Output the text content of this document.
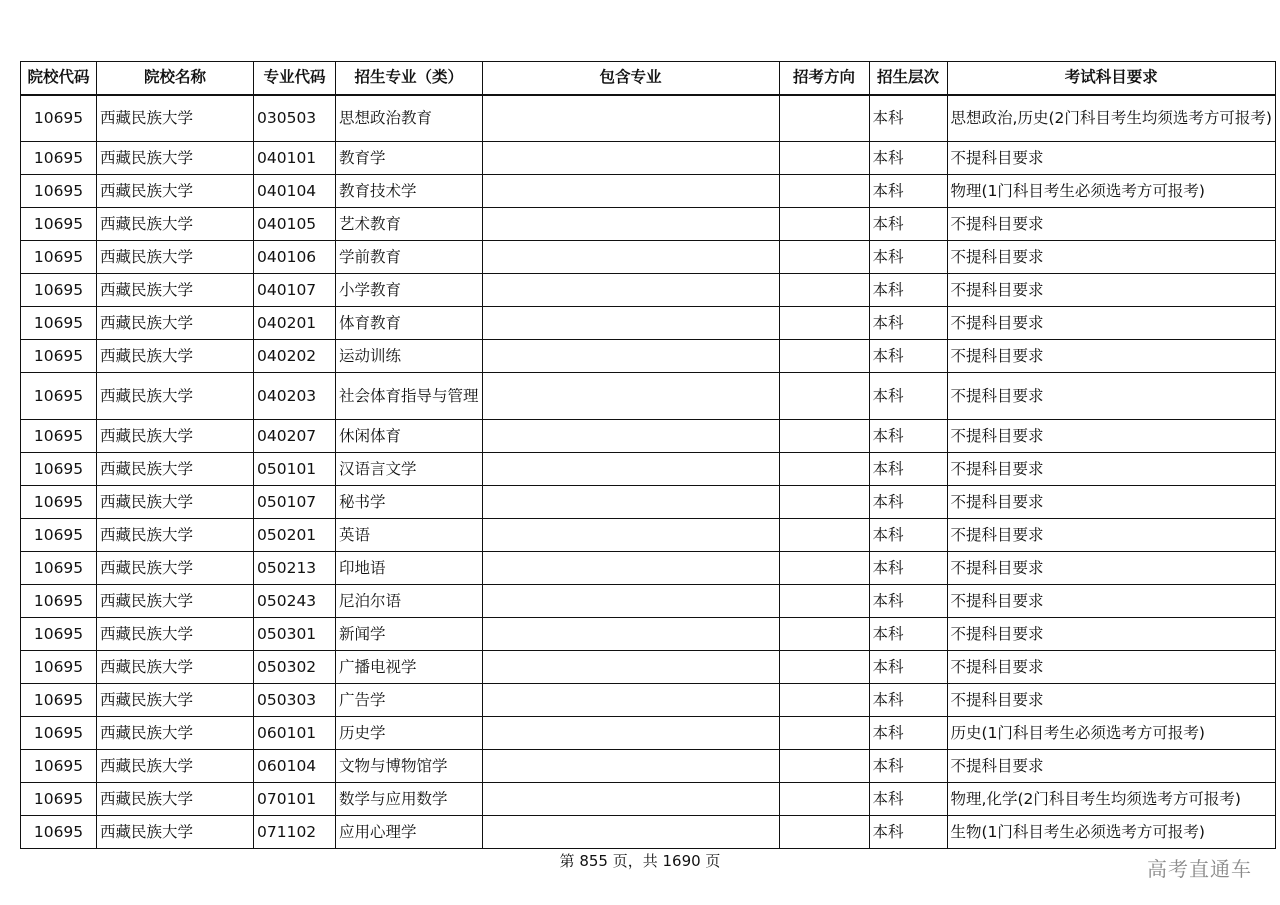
院校代码	院校名称	专业代码	招生专业（类）	包含专业	招考方向	招生层次	考试科目要求
10695	西藏民族大学	030503	思想政治教育			本科	思想政治,历史(2门科目考生均须选考方可报考)
10695	西藏民族大学	040101	教育学			本科	不提科目要求
10695	西藏民族大学	040104	教育技术学			本科	物理(1门科目考生必须选考方可报考)
10695	西藏民族大学	040105	艺术教育			本科	不提科目要求
10695	西藏民族大学	040106	学前教育			本科	不提科目要求
10695	西藏民族大学	040107	小学教育			本科	不提科目要求
10695	西藏民族大学	040201	体育教育			本科	不提科目要求
10695	西藏民族大学	040202	运动训练			本科	不提科目要求
10695	西藏民族大学	040203	社会体育指导与管理			本科	不提科目要求
10695	西藏民族大学	040207	休闲体育			本科	不提科目要求
10695	西藏民族大学	050101	汉语言文学			本科	不提科目要求
10695	西藏民族大学	050107	秘书学			本科	不提科目要求
10695	西藏民族大学	050201	英语			本科	不提科目要求
10695	西藏民族大学	050213	印地语			本科	不提科目要求
10695	西藏民族大学	050243	尼泊尔语			本科	不提科目要求
10695	西藏民族大学	050301	新闻学			本科	不提科目要求
10695	西藏民族大学	050302	广播电视学			本科	不提科目要求
10695	西藏民族大学	050303	广告学			本科	不提科目要求
10695	西藏民族大学	060101	历史学			本科	历史(1门科目考生必须选考方可报考)
10695	西藏民族大学	060104	文物与博物馆学			本科	不提科目要求
10695	西藏民族大学	070101	数学与应用数学			本科	物理,化学(2门科目考生均须选考方可报考)
10695	西藏民族大学	071102	应用心理学			本科	生物(1门科目考生必须选考方可报考)
第 855 页，共 1690 页	高考直通车
